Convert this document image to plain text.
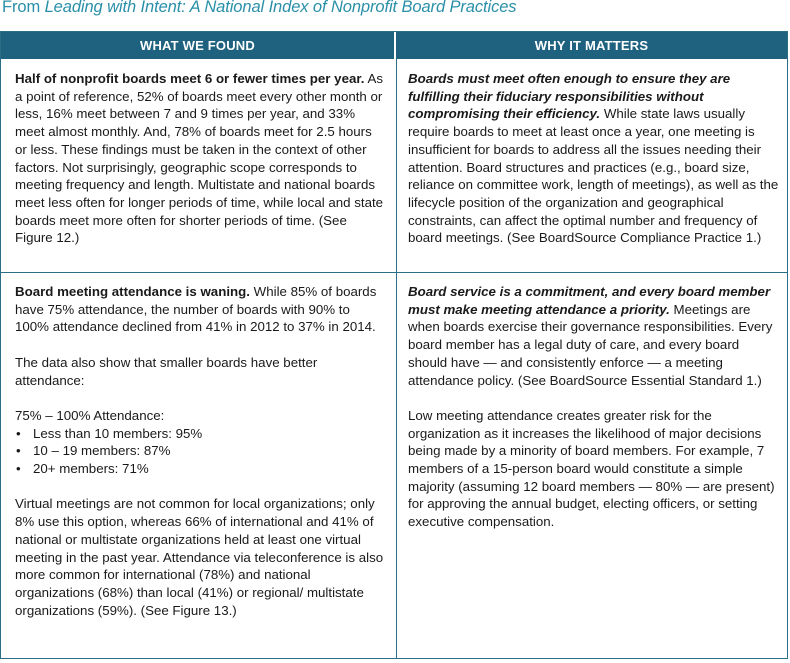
From Leading with Intent: A National Index of Nonprofit Board Practices
WHAT WE FOUND	WHY IT MATTERS

Half of nonprofit boards meet 6 or fewer times per year. As a point of reference, 52% of boards meet every other month or less, 16% meet between 7 and 9 times per year, and 33% meet almost monthly. And, 78% of boards meet for 2.5 hours or less. These findings must be taken in the context of other factors. Not surprisingly, geographic scope corresponds to meeting frequency and length. Multistate and national boards meet less often for longer periods of time, while local and state boards meet more often for shorter periods of time. (See Figure 12.)

Boards must meet often enough to ensure they are fulfilling their fiduciary responsibilities without compromising their efficiency. While state laws usually require boards to meet at least once a year, one meeting is insufficient for boards to address all the issues needing their attention. Board structures and practices (e.g., board size, reliance on committee work, length of meetings), as well as the lifecycle position of the organization and geographical constraints, can affect the optimal number and frequency of board meetings. (See BoardSource Compliance Practice 1.)

Board meeting attendance is waning. While 85% of boards have 75% attendance, the number of boards with 90% to 100% attendance declined from 41% in 2012 to 37% in 2014.

The data also show that smaller boards have better attendance:

75% – 100% Attendance:

• Less than 10 members: 95%
• 10 – 19 members: 87%
• 20+ members: 71%

Virtual meetings are not common for local organizations; only 8% use this option, whereas 66% of international and 41% of national or multistate organizations held at least one virtual meeting in the past year. Attendance via teleconference is also more common for international (78%) and national organizations (68%) than local (41%) or regional/ multistate organizations (59%). (See Figure 13.)

Board service is a commitment, and every board member must make meeting attendance a priority. Meetings are when boards exercise their governance responsibilities. Every board member has a legal duty of care, and every board should have — and consistently enforce — a meeting attendance policy. (See BoardSource Essential Standard 1.)

Low meeting attendance creates greater risk for the organization as it increases the likelihood of major decisions being made by a minority of board members. For example, 7 members of a 15-person board would constitute a simple majority (assuming 12 board members — 80% — are present) for approving the annual budget, electing officers, or setting executive compensation.
